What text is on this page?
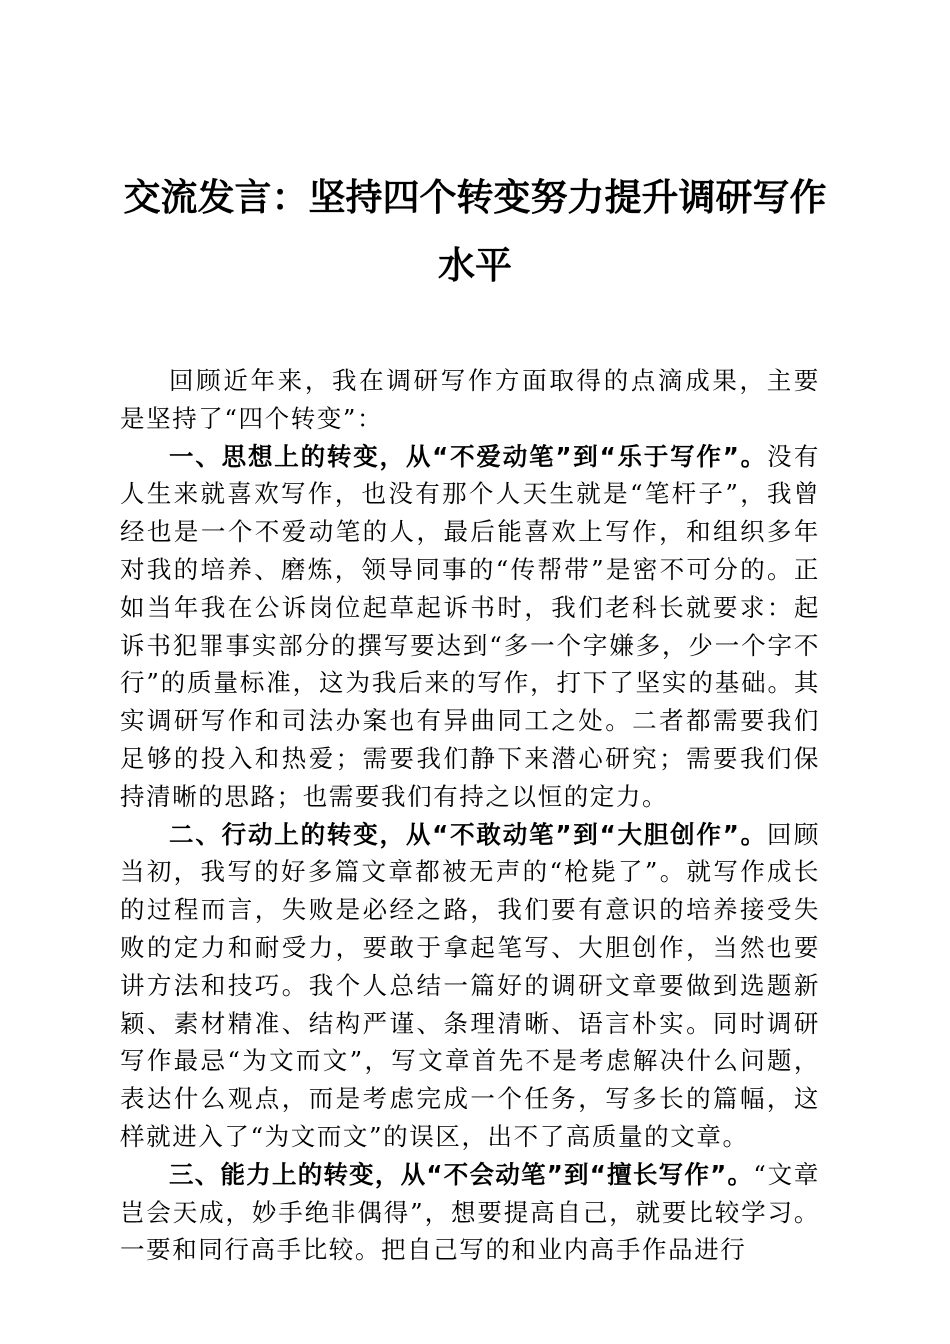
交流发言：坚持四个转变努力提升调研写作水平

回顾近年来，我在调研写作方面取得的点滴成果，主要是坚持了“四个转变”：

一、思想上的转变，从“不爱动笔”到“乐于写作”。没有人生来就喜欢写作，也没有那个人天生就是“笔杆子”，我曾经也是一个不爱动笔的人，最后能喜欢上写作，和组织多年对我的培养、磨炼，领导同事的“传帮带”是密不可分的。正如当年我在公诉岗位起草起诉书时，我们老科长就要求：起诉书犯罪事实部分的撰写要达到“多一个字嫌多，少一个字不行”的质量标准，这为我后来的写作，打下了坚实的基础。其实调研写作和司法办案也有异曲同工之处。二者都需要我们足够的投入和热爱；需要我们静下来潜心研究；需要我们保持清晰的思路；也需要我们有持之以恒的定力。

二、行动上的转变，从“不敢动笔”到“大胆创作”。回顾当初，我写的好多篇文章都被无声的“枪毙了”。就写作成长的过程而言，失败是必经之路，我们要有意识的培养接受失败的定力和耐受力，要敢于拿起笔写、大胆创作，当然也要讲方法和技巧。我个人总结一篇好的调研文章要做到选题新颖、素材精准、结构严谨、条理清晰、语言朴实。同时调研写作最忌“为文而文”，写文章首先不是考虑解决什么问题，表达什么观点，而是考虑完成一个任务，写多长的篇幅，这样就进入了“为文而文”的误区，出不了高质量的文章。

三、能力上的转变，从“不会动笔”到“擅长写作”。“文章岂会天成，妙手绝非偶得”，想要提高自己，就要比较学习。一要和同行高手比较。把自己写的和业内高手作品进行
